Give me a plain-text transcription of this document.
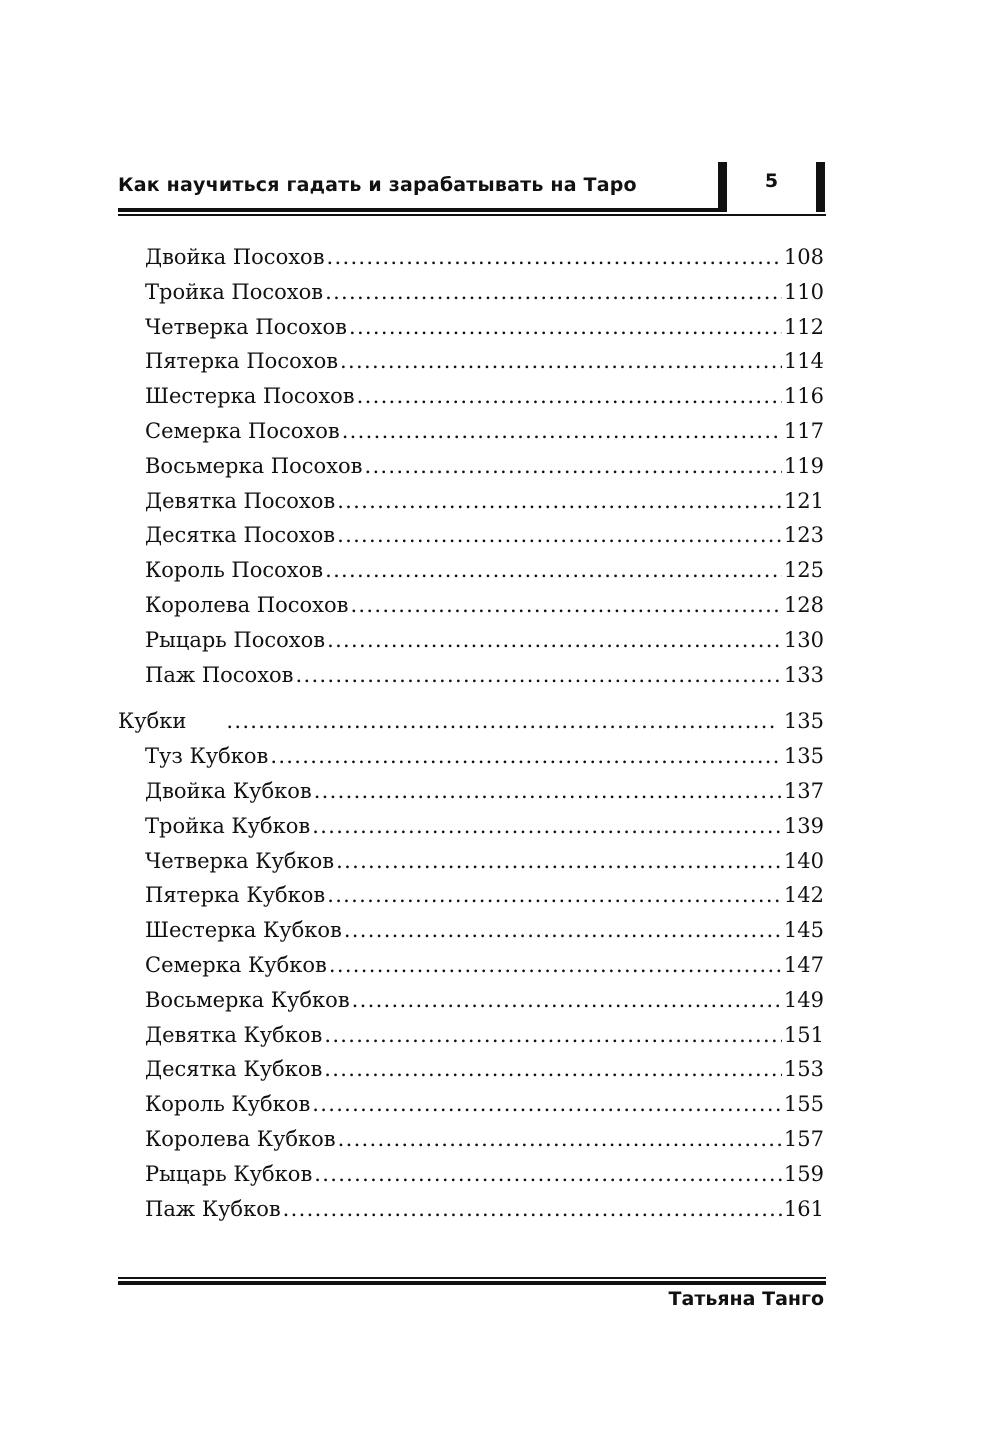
Как научиться гадать и зарабатывать на Таро	5
Двойка Посохов .....	108
Тройка Посохов .....	110
Четверка Посохов .....	112
Пятерка Посохов .....	114
Шестерка Посохов .....	116
Семерка Посохов .....	117
Восьмерка Посохов .....	119
Девятка Посохов .....	121
Десятка Посохов .....	123
Король Посохов .....	125
Королева Посохов .....	128
Рыцарь Посохов .....	130
Паж Посохов .....	133
Кубки .....	135
Туз Кубков .....	135
Двойка Кубков .....	137
Тройка Кубков .....	139
Четверка Кубков .....	140
Пятерка Кубков .....	142
Шестерка Кубков .....	145
Семерка Кубков .....	147
Восьмерка Кубков .....	149
Девятка Кубков .....	151
Десятка Кубков .....	153
Король Кубков .....	155
Королева Кубков .....	157
Рыцарь Кубков .....	159
Паж Кубков .....	161
Татьяна Танго
